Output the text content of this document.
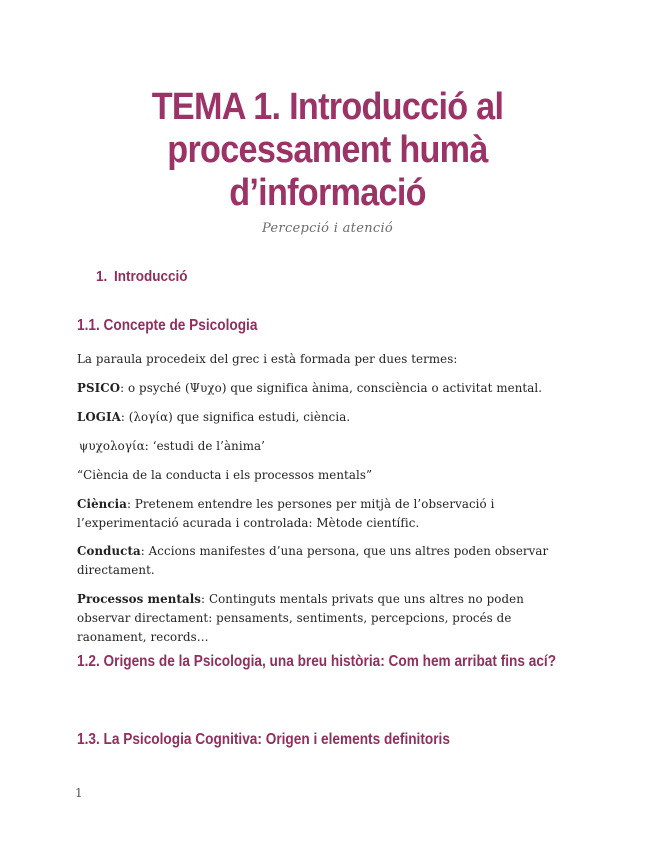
TEMA 1. Introducció al processament humà d’informació
Percepció i atenció
1. Introducció
1.1. Concepte de Psicologia

La paraula procedeix del grec i està formada per dues termes:

PSICO: o psyché (Ψυχο) que significa ànima, consciència o activitat mental.

LOGIA: (λογία) que significa estudi, ciència.

ψυχολογία: ‘estudi de l’ànima’

“Ciència de la conducta i els processos mentals”

Ciència: Pretenem entendre les persones per mitjà de l’observació i l’experimentació acurada i controlada: Mètode científic.

Conducta: Accions manifestes d’una persona, que uns altres poden observar directament.

Processos mentals: Continguts mentals privats que uns altres no poden observar directament: pensaments, sentiments, percepcions, procés de raonament, records…

1.2. Origens de la Psicologia, una breu història: Com hem arribat fins ací?
1.3. La Psicologia Cognitiva: Origen i elements definitoris
1
